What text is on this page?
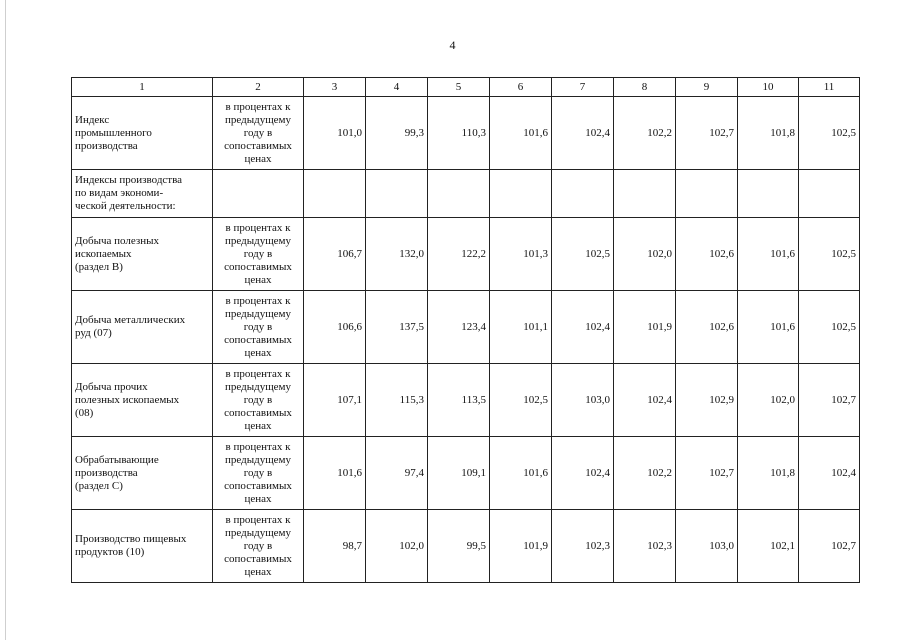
4
1	2	3	4	5	6	7	8	9	10	11
Индекс
промышленного
производства	в процентах к
предыдущему
году в
сопоставимых
ценах	101,0	99,3	110,3	101,6	102,4	102,2	102,7	101,8	102,5
Индексы производства
по видам экономи-
ческой деятельности:										
Добыча полезных
ископаемых
(раздел B)	в процентах к
предыдущему
году в
сопоставимых
ценах	106,7	132,0	122,2	101,3	102,5	102,0	102,6	101,6	102,5
Добыча металлических
руд (07)	в процентах к
предыдущему
году в
сопоставимых
ценах	106,6	137,5	123,4	101,1	102,4	101,9	102,6	101,6	102,5
Добыча прочих
полезных ископаемых
(08)	в процентах к
предыдущему
году в
сопоставимых
ценах	107,1	115,3	113,5	102,5	103,0	102,4	102,9	102,0	102,7
Обрабатывающие
производства
(раздел C)	в процентах к
предыдущему
году в
сопоставимых
ценах	101,6	97,4	109,1	101,6	102,4	102,2	102,7	101,8	102,4
Производство пищевых
продуктов (10)	в процентах к
предыдущему
году в
сопоставимых
ценах	98,7	102,0	99,5	101,9	102,3	102,3	103,0	102,1	102,7
